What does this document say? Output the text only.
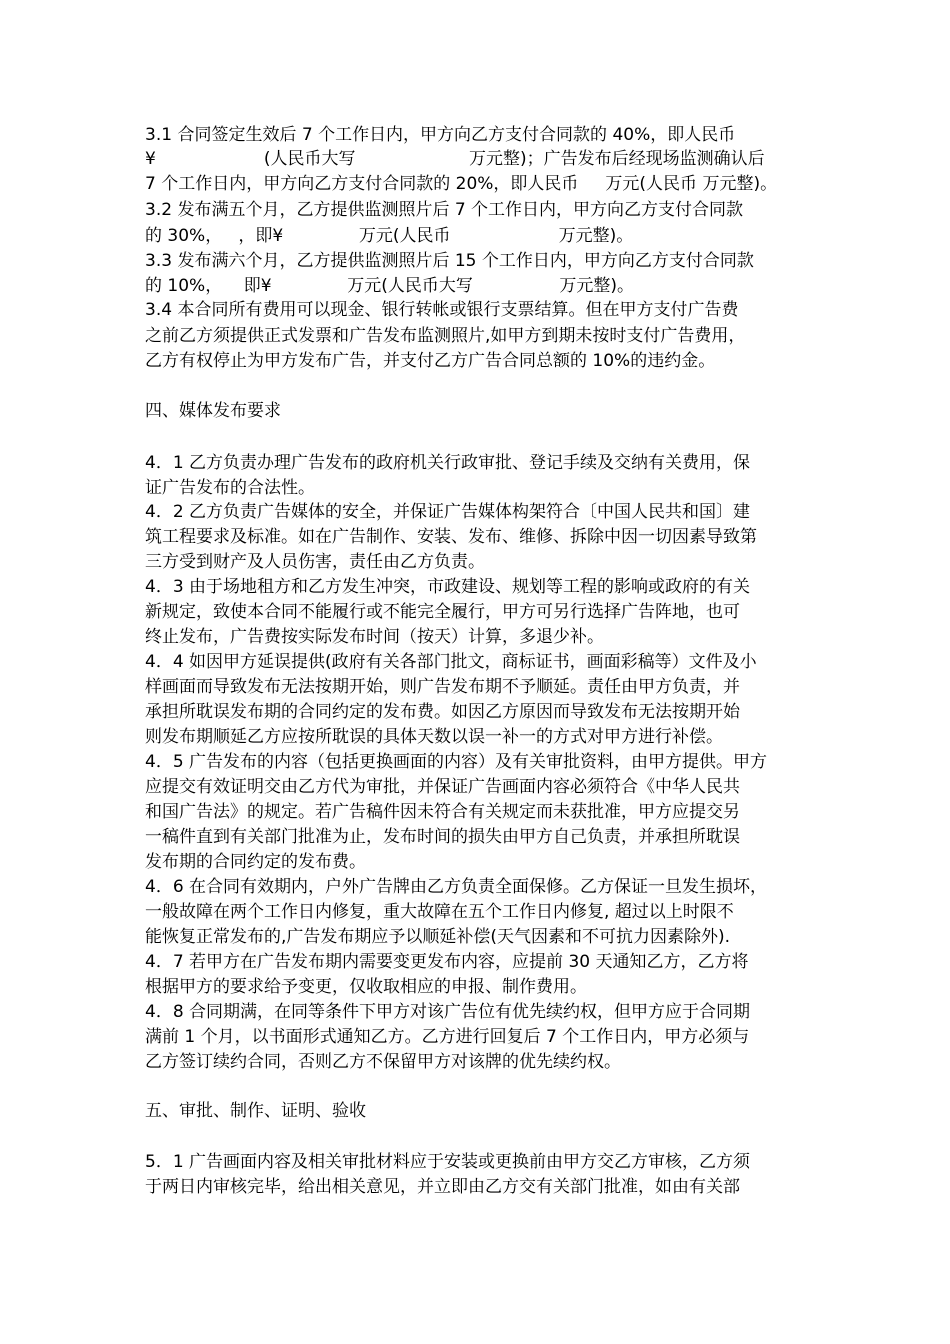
3.1 合同签定生效后 7 个工作日内，甲方向乙方支付合同款的 40%，即人民币

¥                    (人民币大写                     万元整)；广告发布后经现场监测确认后

7 个工作日内，甲方向乙方支付合同款的 20%，即人民币     万元(人民币 万元整)。

3.2 发布满五个月，乙方提供监测照片后 7 个工作日内，甲方向乙方支付合同款

的 30%，   ，即¥              万元(人民币                    万元整)。

3.3 发布满六个月，乙方提供监测照片后 15 个工作日内，甲方向乙方支付合同款

的 10%，    即¥              万元(人民币大写                万元整)。

3.4 本合同所有费用可以现金、银行转帐或银行支票结算。但在甲方支付广告费

之前乙方须提供正式发票和广告发布监测照片,如甲方到期未按时支付广告费用，

乙方有权停止为甲方发布广告，并支付乙方广告合同总额的 10%的违约金。

四、媒体发布要求

4．1 乙方负责办理广告发布的政府机关行政审批、登记手续及交纳有关费用，保

证广告发布的合法性。

4．2 乙方负责广告媒体的安全，并保证广告媒体构架符合〔中国人民共和国〕建

筑工程要求及标准。如在广告制作、安装、发布、维修、拆除中因一切因素导致第

三方受到财产及人员伤害，责任由乙方负责。

4．3 由于场地租方和乙方发生冲突，市政建设、规划等工程的影响或政府的有关

新规定，致使本合同不能履行或不能完全履行，甲方可另行选择广告阵地，也可

终止发布，广告费按实际发布时间（按天）计算，多退少补。

4．4 如因甲方延误提供(政府有关各部门批文，商标证书，画面彩稿等）文件及小

样画面而导致发布无法按期开始，则广告发布期不予顺延。责任由甲方负责，并

承担所耽误发布期的合同约定的发布费。如因乙方原因而导致发布无法按期开始

则发布期顺延乙方应按所耽误的具体天数以误一补一的方式对甲方进行补偿。

4．5 广告发布的内容（包括更换画面的内容）及有关审批资料，由甲方提供。甲方

应提交有效证明交由乙方代为审批，并保证广告画面内容必须符合《中华人民共

和国广告法》的规定。若广告稿件因未符合有关规定而未获批准，甲方应提交另

一稿件直到有关部门批准为止，发布时间的损失由甲方自己负责，并承担所耽误

发布期的合同约定的发布费。

4．6 在合同有效期内，户外广告牌由乙方负责全面保修。乙方保证一旦发生损坏，

一般故障在两个工作日内修复，重大故障在五个工作日内修复, 超过以上时限不

能恢复正常发布的,广告发布期应予以顺延补偿(天气因素和不可抗力因素除外).

4．7 若甲方在广告发布期内需要变更发布内容，应提前 30 天通知乙方，乙方将

根据甲方的要求给予变更，仅收取相应的申报、制作费用。

4．8 合同期满，在同等条件下甲方对该广告位有优先续约权，但甲方应于合同期

满前 1 个月，以书面形式通知乙方。乙方进行回复后 7 个工作日内，甲方必须与

乙方签订续约合同，否则乙方不保留甲方对该牌的优先续约权。

五、审批、制作、证明、验收

5．1 广告画面内容及相关审批材料应于安装或更换前由甲方交乙方审核，乙方须

于两日内审核完毕，给出相关意见，并立即由乙方交有关部门批准，如由有关部
